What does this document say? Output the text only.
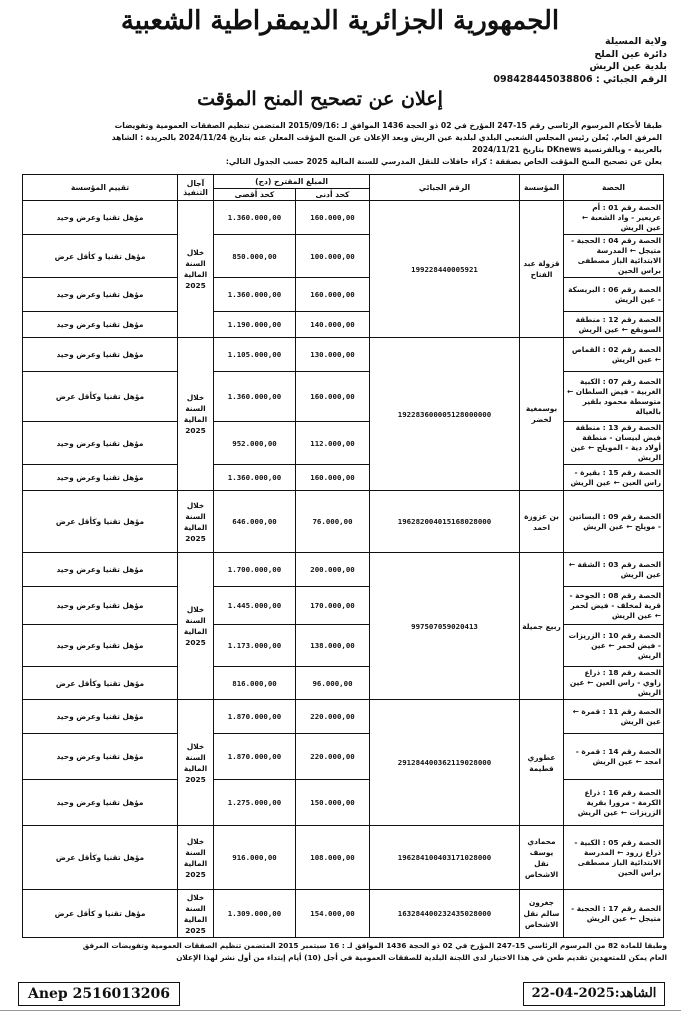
الجمهورية الجزائرية الديمقراطية الشعبية
ولاية المسيلة
دائرة عين الملح
بلدية عين الريش
الرقم الجبائي : 098428445038806
إعلان عن تصحيح المنح المؤقت
طبقا لأحكام المرسوم الرئاسي رقم 15-247 المؤرخ في 02 ذو الحجة 1436 الموافق لـ :2015/09/16 المتضمن تنظيم الصفقات العمومية وتفويضات
المرفق العام. يُعلن رئيس المجلس الشعبي البلدي لبلدية عين الريش وبعد الإعلان عن المنح المؤقت المعلن عنه بتاريخ 2024/11/24 بالجريدة : الشاهد
بالعربية - وبالفرنسية DKnews بتاريخ 2024/11/21
يعلن عن تصحيح المنح المؤقت الخاص بصفقة : كراء حافلات للنقل المدرسي للسنة المالية 2025 حسب الجدول التالي:
الحصة	المؤسسة	الرقم الجبائي	المبلغ المقترح (دج)		آجال التنفيذ	تقييم المؤسسة
			كحد أدنى	كحد أقصى		
الحصة رقم 01 : أم عريعير - واد الشعبة ← عين الريش	قزولة عبد الفتاح	199228440005921	160.000,00	1.360.000,00	خلال السنة المالية 2025	مؤهل تقنيا وعرض وحيد
الحصة رقم 04 : الحجبة - متيجل ← المدرسة الابتدائية الباز مصطفى براس الحين			100.000,00	850.000,00		مؤهل تقنيا و كأقل عرض
الحصة رقم 06 : البريسكة - عين الريش			160.000,00	1.360.000,00		مؤهل تقنيا وعرض وحيد
الحصة رقم 12 : منطقة السويقع ← عين الريش			140.000,00	1.190.000,00		مؤهل تقنيا وعرض وحيد
الحصة رقم 02 : القماص ← عين الريش	بوسمغية لخضر	192283600005128000000	130.000,00	1.105.000,00	خلال السنة المالية 2025	مؤهل تقنيا وعرض وحيد
الحصة رقم 07 : الكبية الغربية - فيض السلطان ← متوسطة محمود بلقير بالعيالة			160.000,00	1.360.000,00		مؤهل تقنيا وكأقل عرض
الحصة رقم 13 : منطقة فيض لبيسان - منطقة أولاد دية - المويلح ← عين الريش			112.000,00	952.000,00		مؤهل تقنيا وعرض وحيد
الحصة رقم 15 : بقيرة - راس العين ← عين الريش			160.000,00	1.360.000,00		مؤهل تقنيا وعرض وحيد
الحصة رقم 09 : البساتين - مويلح ← عين الريش	بن عزوزة احمد	196282004015168028000	76.000,00	646.000,00	خلال السنة المالية 2025	مؤهل تقنيا وكأقل عرض
الحصة رقم 03 : الشقة ← عين الريش	ربيع جميلة	997507059020413	200.000,00	1.700.000,00	خلال السنة المالية 2025	مؤهل تقنيا وعرض وحيد
الحصة رقم 08 : الجوخة - قرية لمخلف - فيض لحمر ← عين الريش			170.000,00	1.445.000,00		مؤهل تقنيا وعرض وحيد
الحصة رقم 10 : الزريزات - فيض لحمر ← عين الريش			138.000,00	1.173.000,00		مؤهل تقنيا وعرض وحيد
الحصة رقم 18 : ذراع زاوي - راس العين ← عين الريش			96.000,00	816.000,00		مؤهل تقنيا وكأقل عرض
الحصة رقم 11 : قمرة ← عين الريش	عطوري فطيمة	291284400362119028000	220.000,00	1.870.000,00	خلال السنة المالية 2025	مؤهل تقنيا وعرض وحيد
الحصة رقم 14 : قمرة - امجد ← عين الريش			220.000,00	1.870.000,00		مؤهل تقنيا وعرض وحيد
الحصة رقم 16 : ذراع الكرمة - مرورا بقرية الزريزات ← عين الريش			150.000,00	1.275.000,00		مؤهل تقنيا وعرض وحيد
الحصة رقم 05 : الكبية - ذراع زرود ← المدرسة الابتدائية الباز مصطفى براس الحين	محمادي يوسف نقل الاشخاص	196284100403171028000	108.000,00	916.000,00	خلال السنة المالية 2025	مؤهل تقنيا وكأقل عرض
الحصة رقم 17 : الحجبة - متيجل ← عين الريش	جغرون سالم نقل الاشخاص	163284400232435028000	154.000,00	1.309.000,00	خلال السنة المالية 2025	مؤهل تقنيا و كأقل عرض
وطبقا للمادة 82 من المرسوم الرئاسي 15-247 المؤرخ في 02 ذو الحجة 1436 الموافق لـ : 16 سبتمبر 2015 المتضمن تنظيم الصفقات العمومية وتفويضات المرفق
العام يمكن للمتعهدين تقديم طعن في هذا الاختيار لدى اللجنة البلدية للصفقات العمومية في أجل (10) أيام إبتداء من أول نشر لهذا الإعلان
Anep 2516013206	الشاهد:2025-04-22
